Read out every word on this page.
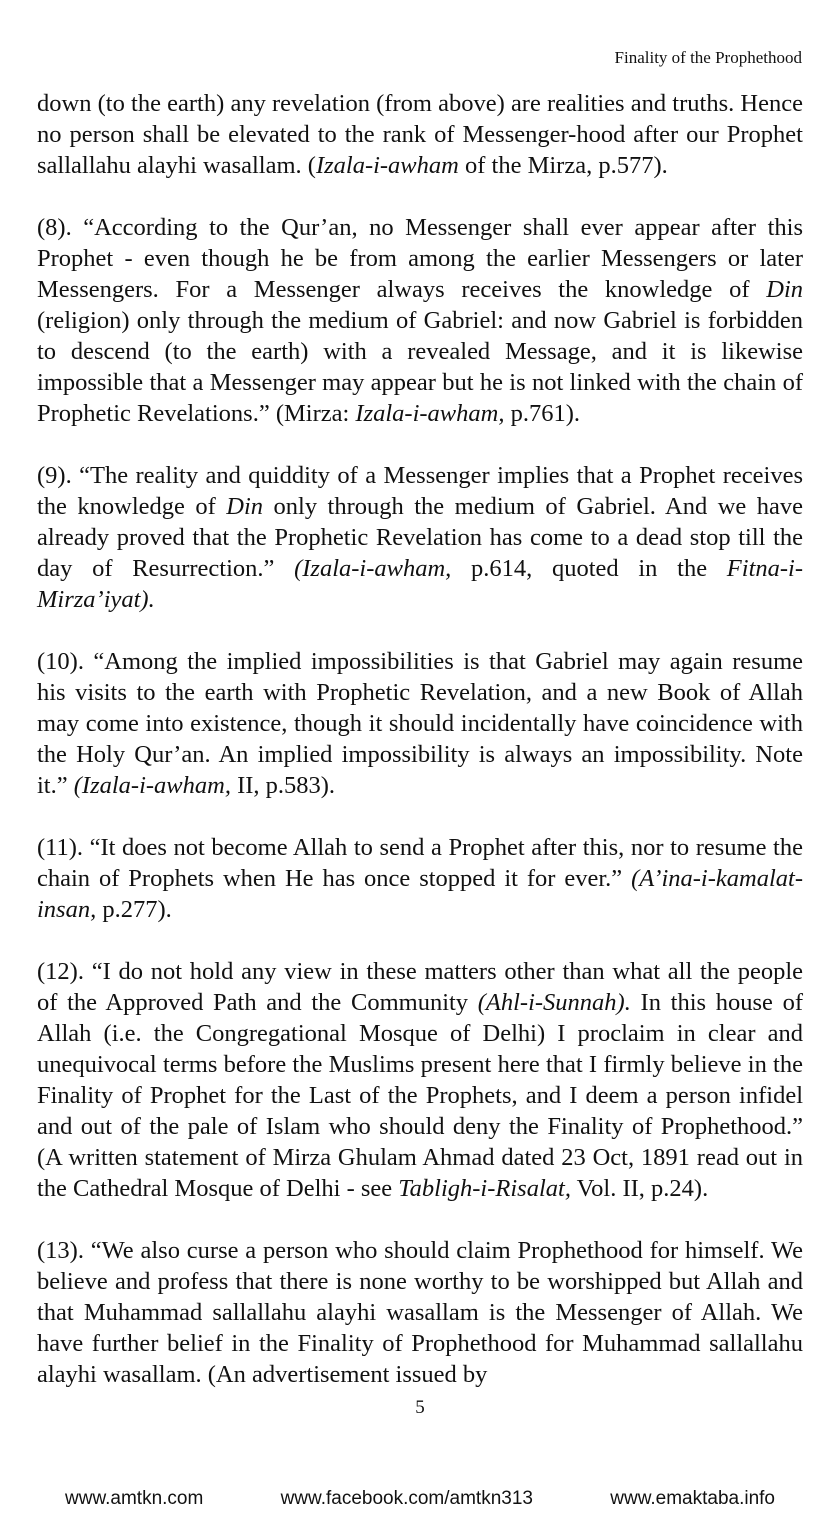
Finality of the Prophethood

down (to the earth) any revelation (from above) are realities and truths. Hence no person shall be elevated to the rank of Messenger-hood after our Prophet sallallahu alayhi wasallam. (Izala-i-awham of the Mirza, p.577).

(8). “According to the Qur’an, no Messenger shall ever appear after this Prophet - even though he be from among the earlier Messengers or later Messengers. For a Messenger always receives the knowledge of Din (religion) only through the medium of Gabriel: and now Gabriel is forbidden to descend (to the earth) with a revealed Message, and it is likewise impossible that a Messenger may appear but he is not linked with the chain of Prophetic Revelations.” (Mirza: Izala-i-awham, p.761).

(9). “The reality and quiddity of a Messenger implies that a Prophet receives the knowledge of Din only through the medium of Gabriel. And we have already proved that the Prophetic Revelation has come to a dead stop till the day of Resurrection.” (Izala-i-awham, p.614, quoted in the Fitna-i-Mirza’iyat).

(10). “Among the implied impossibilities is that Gabriel may again resume his visits to the earth with Prophetic Revelation, and a new Book of Allah may come into existence, though it should incidentally have coincidence with the Holy Qur’an. An implied impossibility is always an impossibility. Note it.” (Izala-i-awham, II, p.583).

(11). “It does not become Allah to send a Prophet after this, nor to resume the chain of Prophets when He has once stopped it for ever.” (A’ina-i-kamalat-insan, p.277).

(12). “I do not hold any view in these matters other than what all the people of the Approved Path and the Community (Ahl-i-Sunnah). In this house of Allah (i.e. the Congregational Mosque of Delhi) I proclaim in clear and unequivocal terms before the Muslims present here that I firmly believe in the Finality of Prophet for the Last of the Prophets, and I deem a person infidel and out of the pale of Islam who should deny the Finality of Prophethood.” (A written statement of Mirza Ghulam Ahmad dated 23 Oct, 1891 read out in the Cathedral Mosque of Delhi - see Tabligh-i-Risalat, Vol. II, p.24).

(13). “We also curse a person who should claim Prophethood for himself. We believe and profess that there is none worthy to be worshipped but Allah and that Muhammad sallallahu alayhi wasallam is the Messenger of Allah. We have further belief in the Finality of Prophethood for Muhammad sallallahu alayhi wasallam. (An advertisement issued by

5
www.amtkn.com	www.facebook.com/amtkn313	www.emaktaba.info
